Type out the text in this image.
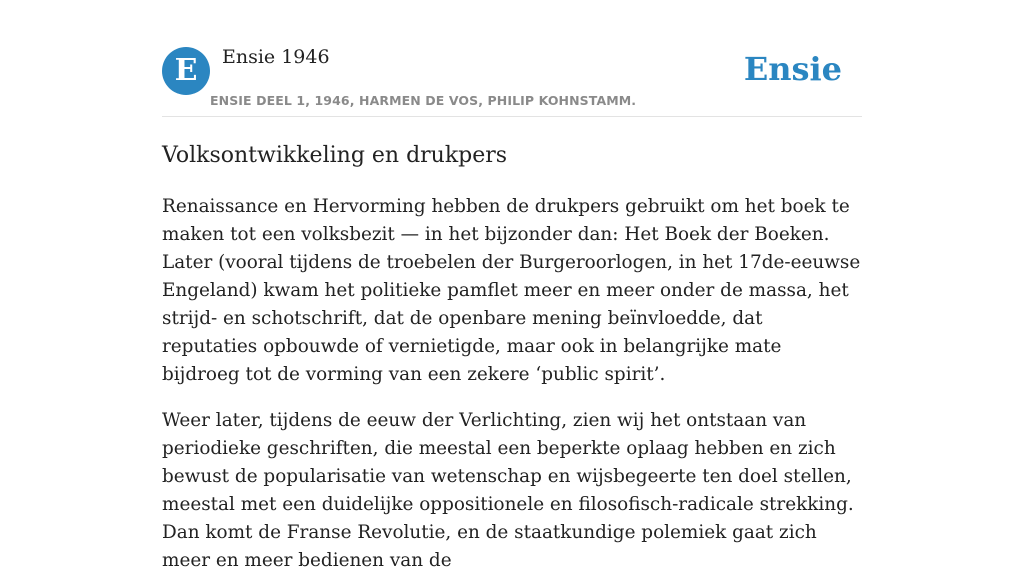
E	Ensie 1946
ENSIE DEEL 1, 1946, HARMEN DE VOS, PHILIP KOHNSTAMM.
Ensie
Volksontwikkeling en drukpers

Renaissance en Hervorming hebben de drukpers gebruikt om het boek te maken tot een volksbezit — in het bijzonder dan: Het Boek der Boeken. Later (vooral tijdens de troebelen der Burgeroorlogen, in het 17de-eeuwse Engeland) kwam het politieke pamflet meer en meer onder de massa, het strijd- en schotschrift, dat de openbare mening beïnvloedde, dat reputaties opbouwde of vernietigde, maar ook in belangrijke mate bijdroeg tot de vorming van een zekere ‘public spirit’.

Weer later, tijdens de eeuw der Verlichting, zien wij het ontstaan van periodieke geschriften, die meestal een beperkte oplaag hebben en zich bewust de popularisatie van wetenschap en wijsbegeerte ten doel stellen, meestal met een duidelijke oppositionele en filosofisch-radicale strekking. Dan komt de Franse Revolutie, en de staatkundige polemiek gaat zich meer en meer bedienen van de
